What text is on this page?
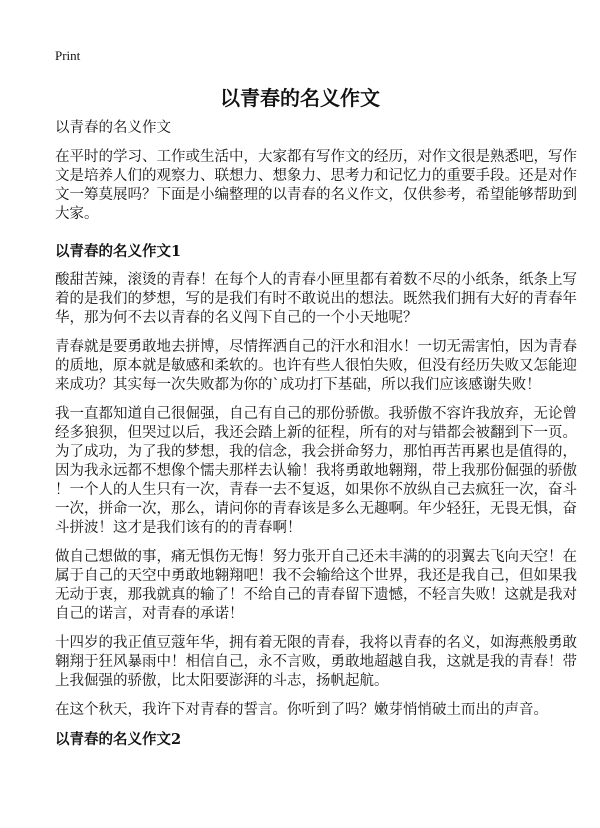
Print
以青春的名义作文

以青春的名义作文

在平时的学习、工作或生活中，大家都有写作文的经历，对作文很是熟悉吧，写作
文是培养人们的观察力、联想力、想象力、思考力和记忆力的重要手段。还是对作
文一筹莫展吗？下面是小编整理的以青春的名义作文，仅供参考，希望能够帮助到
大家。

以青春的名义作文1

酸甜苦辣，滚烫的青春！在每个人的青春小匣里都有着数不尽的小纸条，纸条上写
着的是我们的梦想，写的是我们有时不敢说出的想法。既然我们拥有大好的青春年
华，那为何不去以青春的名义闯下自己的一个小天地呢？

青春就是要勇敢地去拼博，尽情挥洒自己的汗水和泪水！一切无需害怕，因为青春
的质地，原本就是敏感和柔软的。也许有些人很怕失败，但没有经历失败又怎能迎
来成功？其实每一次失败都为你的`成功打下基础，所以我们应该感谢失败！

我一直都知道自己很倔强，自己有自己的那份骄傲。我骄傲不容许我放弃，无论曾
经多狼狈，但哭过以后，我还会踏上新的征程，所有的对与错都会被翻到下一页。
为了成功，为了我的梦想，我的信念，我会拼命努力，那怕再苦再累也是值得的，
因为我永远都不想像个懦夫那样去认输！我将勇敢地翱翔，带上我那份倔强的骄傲
！一个人的人生只有一次，青春一去不复返，如果你不放纵自己去疯狂一次，奋斗
一次，拼命一次，那么，请问你的青春该是多么无趣啊。年少轻狂，无畏无惧，奋
斗拼波！这才是我们该有的的青春啊！

做自己想做的事，痛无惧伤无悔！努力张开自己还未丰满的的羽翼去飞向天空！在
属于自己的天空中勇敢地翱翔吧！我不会输给这个世界，我还是我自己，但如果我
无动于衷，那我就真的输了！不给自己的青春留下遗憾，不轻言失败！这就是我对
自己的诺言，对青春的承诺！

十四岁的我正值豆蔻年华，拥有着无限的青春，我将以青春的名义，如海燕般勇敢
翱翔于狂风暴雨中！相信自己，永不言败，勇敢地超越自我，这就是我的青春！带
上我倔强的骄傲，比太阳要澎湃的斗志，扬帆起航。

在这个秋天，我许下对青春的誓言。你听到了吗？嫩芽悄悄破土而出的声音。

以青春的名义作文2
